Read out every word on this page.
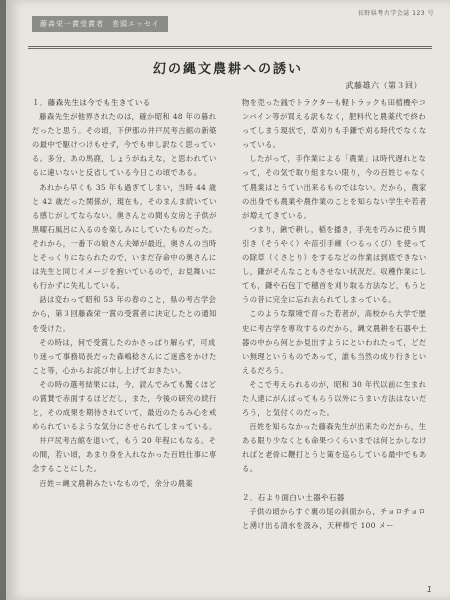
長野県考古学会誌 123 号
藤森栄一賞受賞者　巻頭エッセイ
幻の縄文農耕への誘い
武藤雄六（第３回）
１．藤森先生は今でも生きている

藤森先生が他界されたのは，確か昭和 48 年の暮れだったと思う。その頃，下伊那の井戸尻考古館の新築の最中で駆けつけもせず，今でも申し訳なく思っている。多分，あの馬鹿，しょうがねえな，と思われているに違いないと反省している今日この頃である。

あれから早くも 35 年も過ぎてしまい，当時 44 歳と 42 歳だった関係が，現在も，そのまんま続いている感じがしてならない。奥さんとの間も女房と子供が黒曜石風呂に入るのを楽しみにしていたものだった。それから，一番下の娘さん夫婦が最近，奥さんの当時とそっくりになられたので，いまだ存命中の奥さんには先生と同じイメージを抱いているので，お見舞いにも行かずに失礼している。

話は変わって昭和 53 年の春のこと，県の考古学会から，第３回藤森栄一賞の受賞者に決定したとの通知を受けた。

その時は，何で受賞したのかさっぱり解らず，可成り迷って事務局長だった森嶋稔さんにご迷惑をかけたこと等，心からお詫び申し上げておきたい。

その時の選考結果には，今，読んでみても驚くほどの賞賛で赤面するほどだし，また，今後の研究の続行と，その成果を期待されていて，最近のたるみ心を戒められているような気分にさせられてしまっている。

井戸尻考古館を退いて，もう 20 年程にもなる。その間，若い頃，あまり身を入れなかった百姓仕事に専念することにした。

百姓＝縄文農耕みたいなもので，余分の農薬

物を売った銭でトラクターも軽トラックも田植機やコンバイン等が買える訳もなく，肥料代と農薬代で終わってしまう現状で，草刈りも手鎌で刈る時代でなくなっている。

したがって，手作業による「農業」は時代遅れとなって，その気で取り組まない限り，今の百姓じゃなくて農業はとうてい出来るものではない。だから，農家の出身でも農業や農作業のことを知らない学生や若者が増えてきている。

つまり，鍬で耕し，稲を播き，手先を巧みに使う間引き（そうやく）や苗引手練（つるっくび）を使っての除草（くさとり）をするなどの作業は到底できないし，鎌がそんなこともさせない状況だ。収穫作業にしても，鎌や石包丁で穂首を刈り取る方法など，もうとうの昔に完全に忘れ去られてしまっている。

このような環境で育った若者が，高校から大学で歴史に考古学を専攻するのだから，縄文農耕を石器や土器の中から何とか見出すようにといわれたって，どだい無理というものであって，誰も当然の成り行きといえるだろう。

そこで考えられるのが，昭和 30 年代以前に生まれた人達にがんばってもらう以外にうまい方法はないだろう，と気付くのだった。

百姓を知らなかった藤森先生が出来たのだから，生ある限り少なくとも命果つくらいまでは何とかしなければと老骨に鞭打とうと策を巡らしている最中でもある。

２．石より面白い土器や石器

子供の頃からすぐ裏の尾の斜面から，チョロチョロと湧け出る清水を汲み，天秤棒で 100 メー

1
